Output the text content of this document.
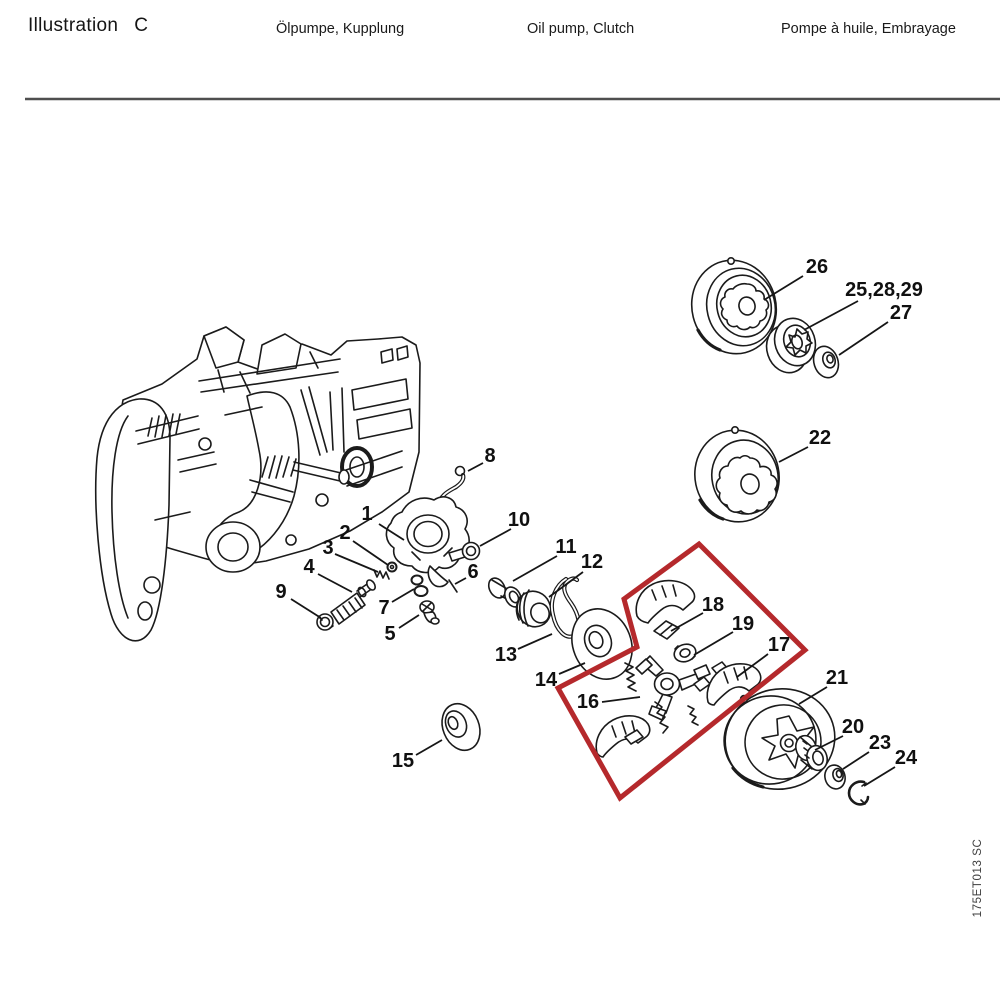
Illustration C	Ölpumpe, Kupplung	Oil pump, Clutch	Pompe à huile, Embrayage
1
2
3
4
5
6
7
8
9
10
11
12
13
14
15
16
17
18
19
20
21
22
23
24
25,28,29
26
27
175ET013 SC
